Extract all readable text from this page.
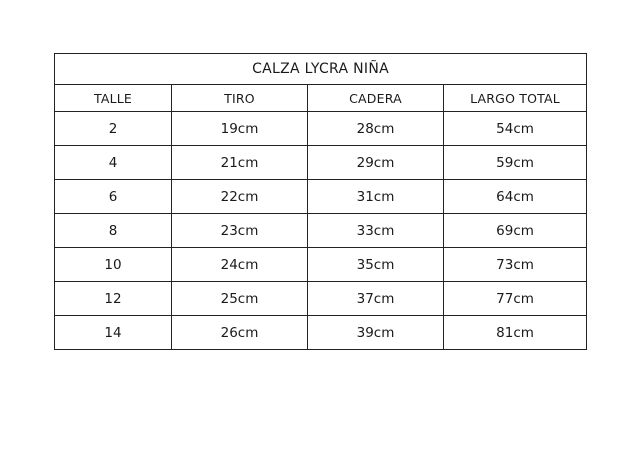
CALZA LYCRA NIÑA			
TALLE	TIRO	CADERA	LARGO TOTAL
2	19cm	28cm	54cm
4	21cm	29cm	59cm
6	22cm	31cm	64cm
8	23cm	33cm	69cm
10	24cm	35cm	73cm
12	25cm	37cm	77cm
14	26cm	39cm	81cm
